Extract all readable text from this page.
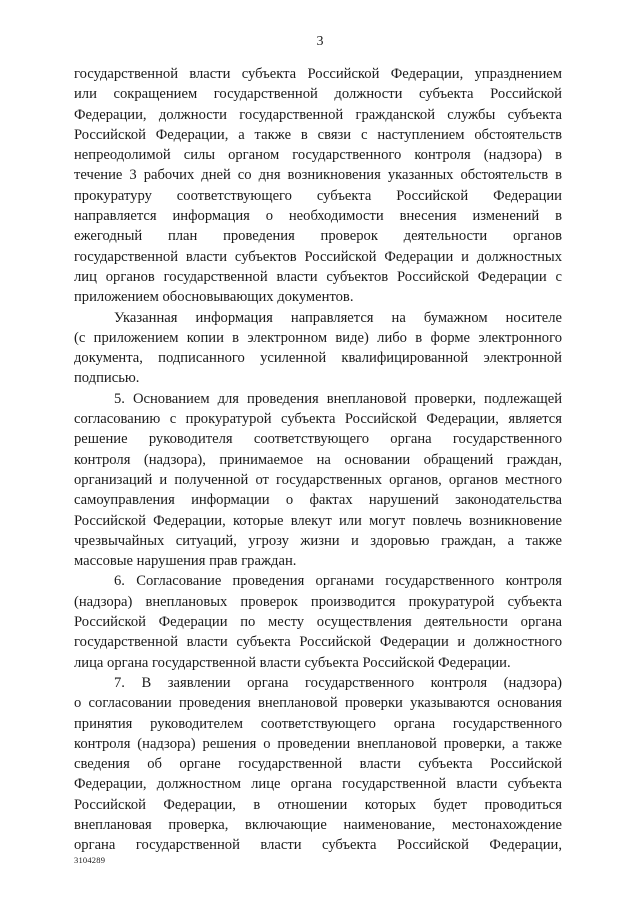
3
государственной власти субъекта Российской Федерации, упразднением
или сокращением государственной должности субъекта Российской
Федерации, должности государственной гражданской службы субъекта
Российской Федерации, а также в связи с наступлением обстоятельств
непреодолимой силы органом государственного контроля (надзора) в
течение 3 рабочих дней со дня возникновения указанных обстоятельств в
прокуратуру соответствующего субъекта Российской Федерации
направляется информация о необходимости внесения изменений в
ежегодный план проведения проверок деятельности органов
государственной власти субъектов Российской Федерации и должностных
лиц органов государственной власти субъектов Российской Федерации с
приложением обосновывающих документов.
Указанная информация направляется на бумажном носителе
(с приложением копии в электронном виде) либо в форме электронного
документа, подписанного усиленной квалифицированной электронной
подписью.
5. Основанием для проведения внеплановой проверки, подлежащей
согласованию с прокуратурой субъекта Российской Федерации, является
решение руководителя соответствующего органа государственного
контроля (надзора), принимаемое на основании обращений граждан,
организаций и полученной от государственных органов, органов местного
самоуправления информации о фактах нарушений законодательства
Российской Федерации, которые влекут или могут повлечь возникновение
чрезвычайных ситуаций, угрозу жизни и здоровью граждан, а также
массовые нарушения прав граждан.
6. Согласование проведения органами государственного контроля
(надзора) внеплановых проверок производится прокуратурой субъекта
Российской Федерации по месту осуществления деятельности органа
государственной власти субъекта Российской Федерации и должностного
лица органа государственной власти субъекта Российской Федерации.
7. В заявлении органа государственного контроля (надзора)
о согласовании проведения внеплановой проверки указываются основания
принятия руководителем соответствующего органа государственного
контроля (надзора) решения о проведении внеплановой проверки, а также
сведения об органе государственной власти субъекта Российской
Федерации, должностном лице органа государственной власти субъекта
Российской Федерации, в отношении которых будет проводиться
внеплановая проверка, включающие наименование, местонахождение
органа государственной власти субъекта Российской Федерации,
3104289
